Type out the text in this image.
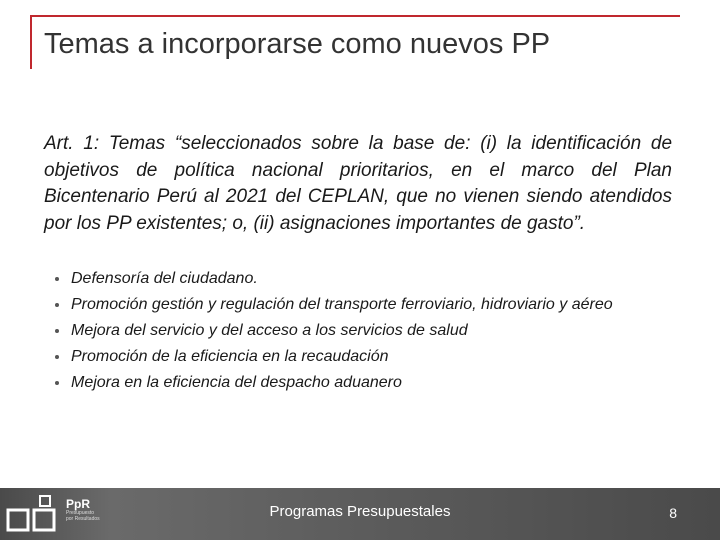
Temas a incorporarse como nuevos PP

Art. 1: Temas “seleccionados sobre la base de: (i) la identificación de objetivos de política nacional prioritarios, en el marco del Plan Bicentenario Perú al 2021 del CEPLAN, que no vienen siendo atendidos por los PP existentes; o, (ii) asignaciones importantes de gasto”.

Defensoría del ciudadano.
Promoción gestión y regulación del transporte ferroviario, hidroviario y aéreo
Mejora del servicio y del acceso a los servicios de salud
Promoción de la eficiencia en la recaudación
Mejora en la eficiencia del despacho aduanero
PpR
Presupuesto
por Resultados	Programas Presupuestales	8
